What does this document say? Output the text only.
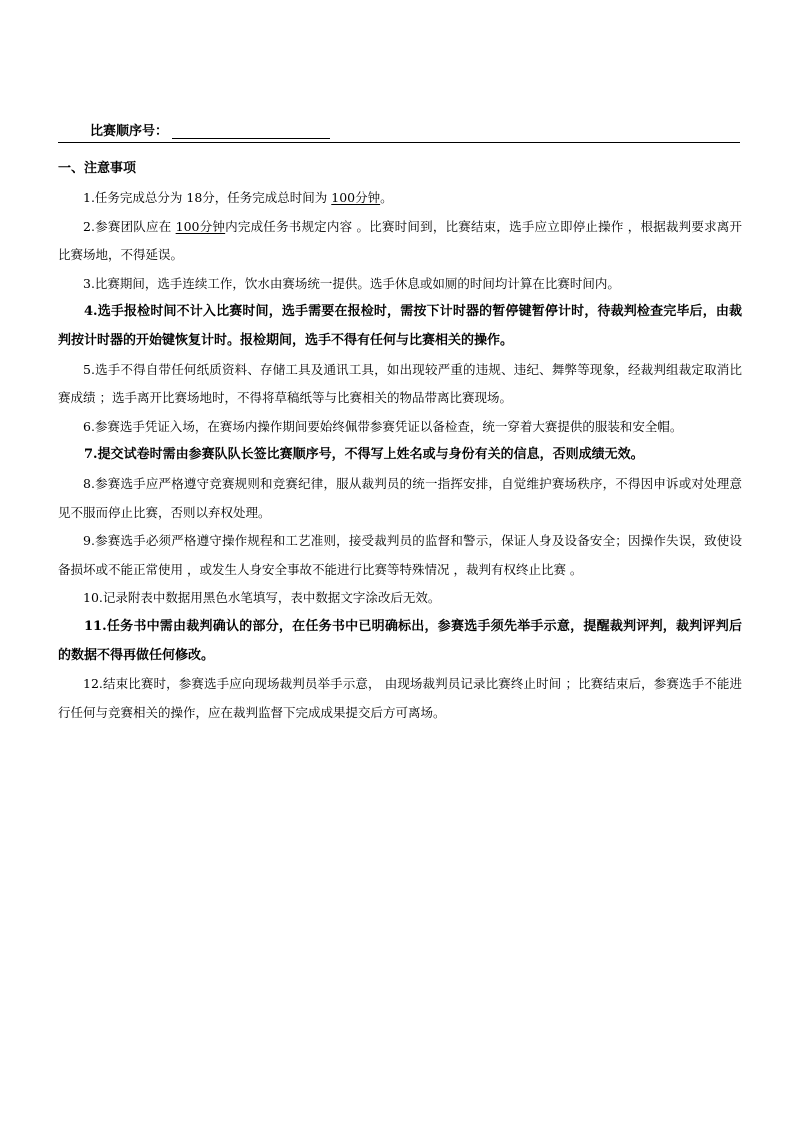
比赛顺序号：
一、注意事项

1.任务完成总分为 18分，任务完成总时间为 100分钟。

2.参赛团队应在 100分钟内完成任务书规定内容 。比赛时间到，比赛结束，选手应立即停止操作 ，根据裁判要求离开比赛场地，不得延误。

3.比赛期间，选手连续工作，饮水由赛场统一提供。选手休息或如厕的时间均计算在比赛时间内。

4.选手报检时间不计入比赛时间，选手需要在报检时，需按下计时器的暂停键暂停计时，待裁判检查完毕后，由裁判按计时器的开始键恢复计时。报检期间，选手不得有任何与比赛相关的操作。

5.选手不得自带任何纸质资料、存储工具及通讯工具，如出现较严重的违规、违纪、舞弊等现象，经裁判组裁定取消比赛成绩 ；选手离开比赛场地时，不得将草稿纸等与比赛相关的物品带离比赛现场。

6.参赛选手凭证入场，在赛场内操作期间要始终佩带参赛凭证以备检查，统一穿着大赛提供的服装和安全帽。

7.提交试卷时需由参赛队队长签比赛顺序号，不得写上姓名或与身份有关的信息，否则成绩无效。

8.参赛选手应严格遵守竞赛规则和竞赛纪律，服从裁判员的统一指挥安排，自觉维护赛场秩序，不得因申诉或对处理意见不服而停止比赛，否则以弃权处理。

9.参赛选手必须严格遵守操作规程和工艺准则，接受裁判员的监督和警示，保证人身及设备安全；因操作失误，致使设备损坏或不能正常使用 ，或发生人身安全事故不能进行比赛等特殊情况 ，裁判有权终止比赛 。

10.记录附表中数据用黑色水笔填写，表中数据文字涂改后无效。

11.任务书中需由裁判确认的部分，在任务书中已明确标出，参赛选手须先举手示意，提醒裁判评判，裁判评判后的数据不得再做任何修改。

12.结束比赛时，参赛选手应向现场裁判员举手示意， 由现场裁判员记录比赛终止时间 ；比赛结束后，参赛选手不能进行任何与竞赛相关的操作，应在裁判监督下完成成果提交后方可离场。
